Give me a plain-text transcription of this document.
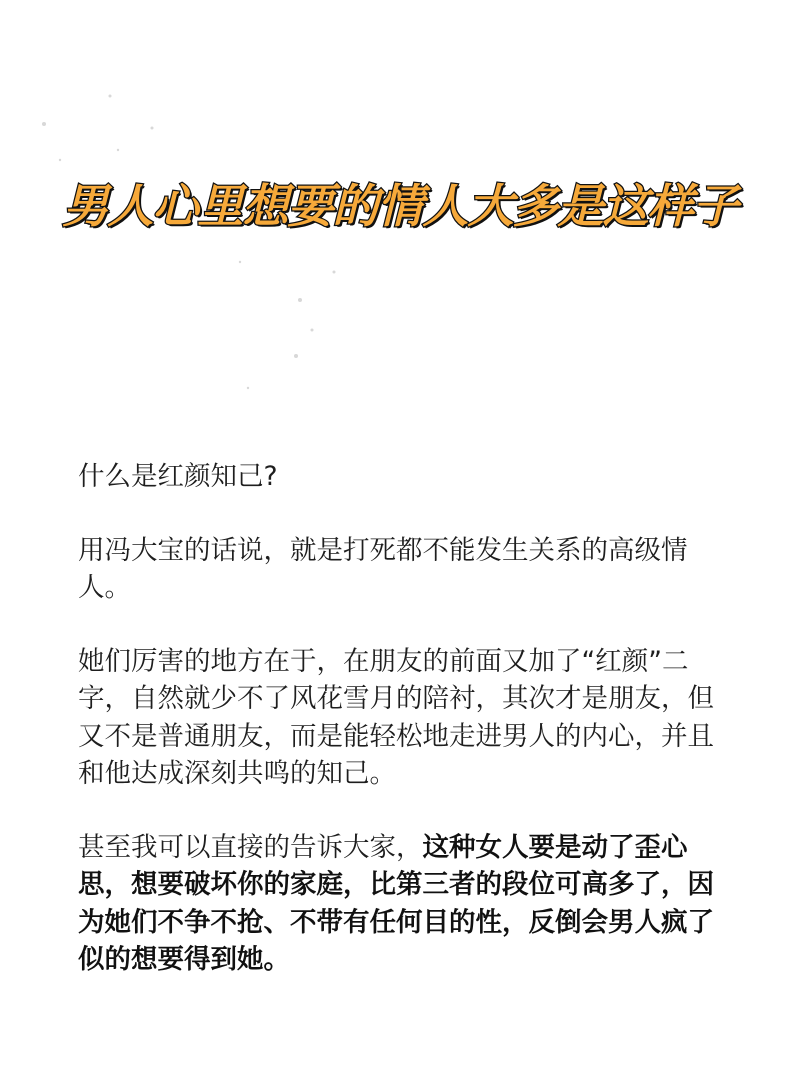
男人心里想要的情人大多是这样子

什么是红颜知己?

用冯大宝的话说，就是打死都不能发生关系的高级情人。

她们厉害的地方在于，在朋友的前面又加了“红颜”二字，自然就少不了风花雪月的陪衬，其次才是朋友，但又不是普通朋友，而是能轻松地走进男人的内心，并且和他达成深刻共鸣的知己。

甚至我可以直接的告诉大家，这种女人要是动了歪心思，想要破坏你的家庭，比第三者的段位可高多了，因为她们不争不抢、不带有任何目的性，反倒会男人疯了似的想要得到她。
